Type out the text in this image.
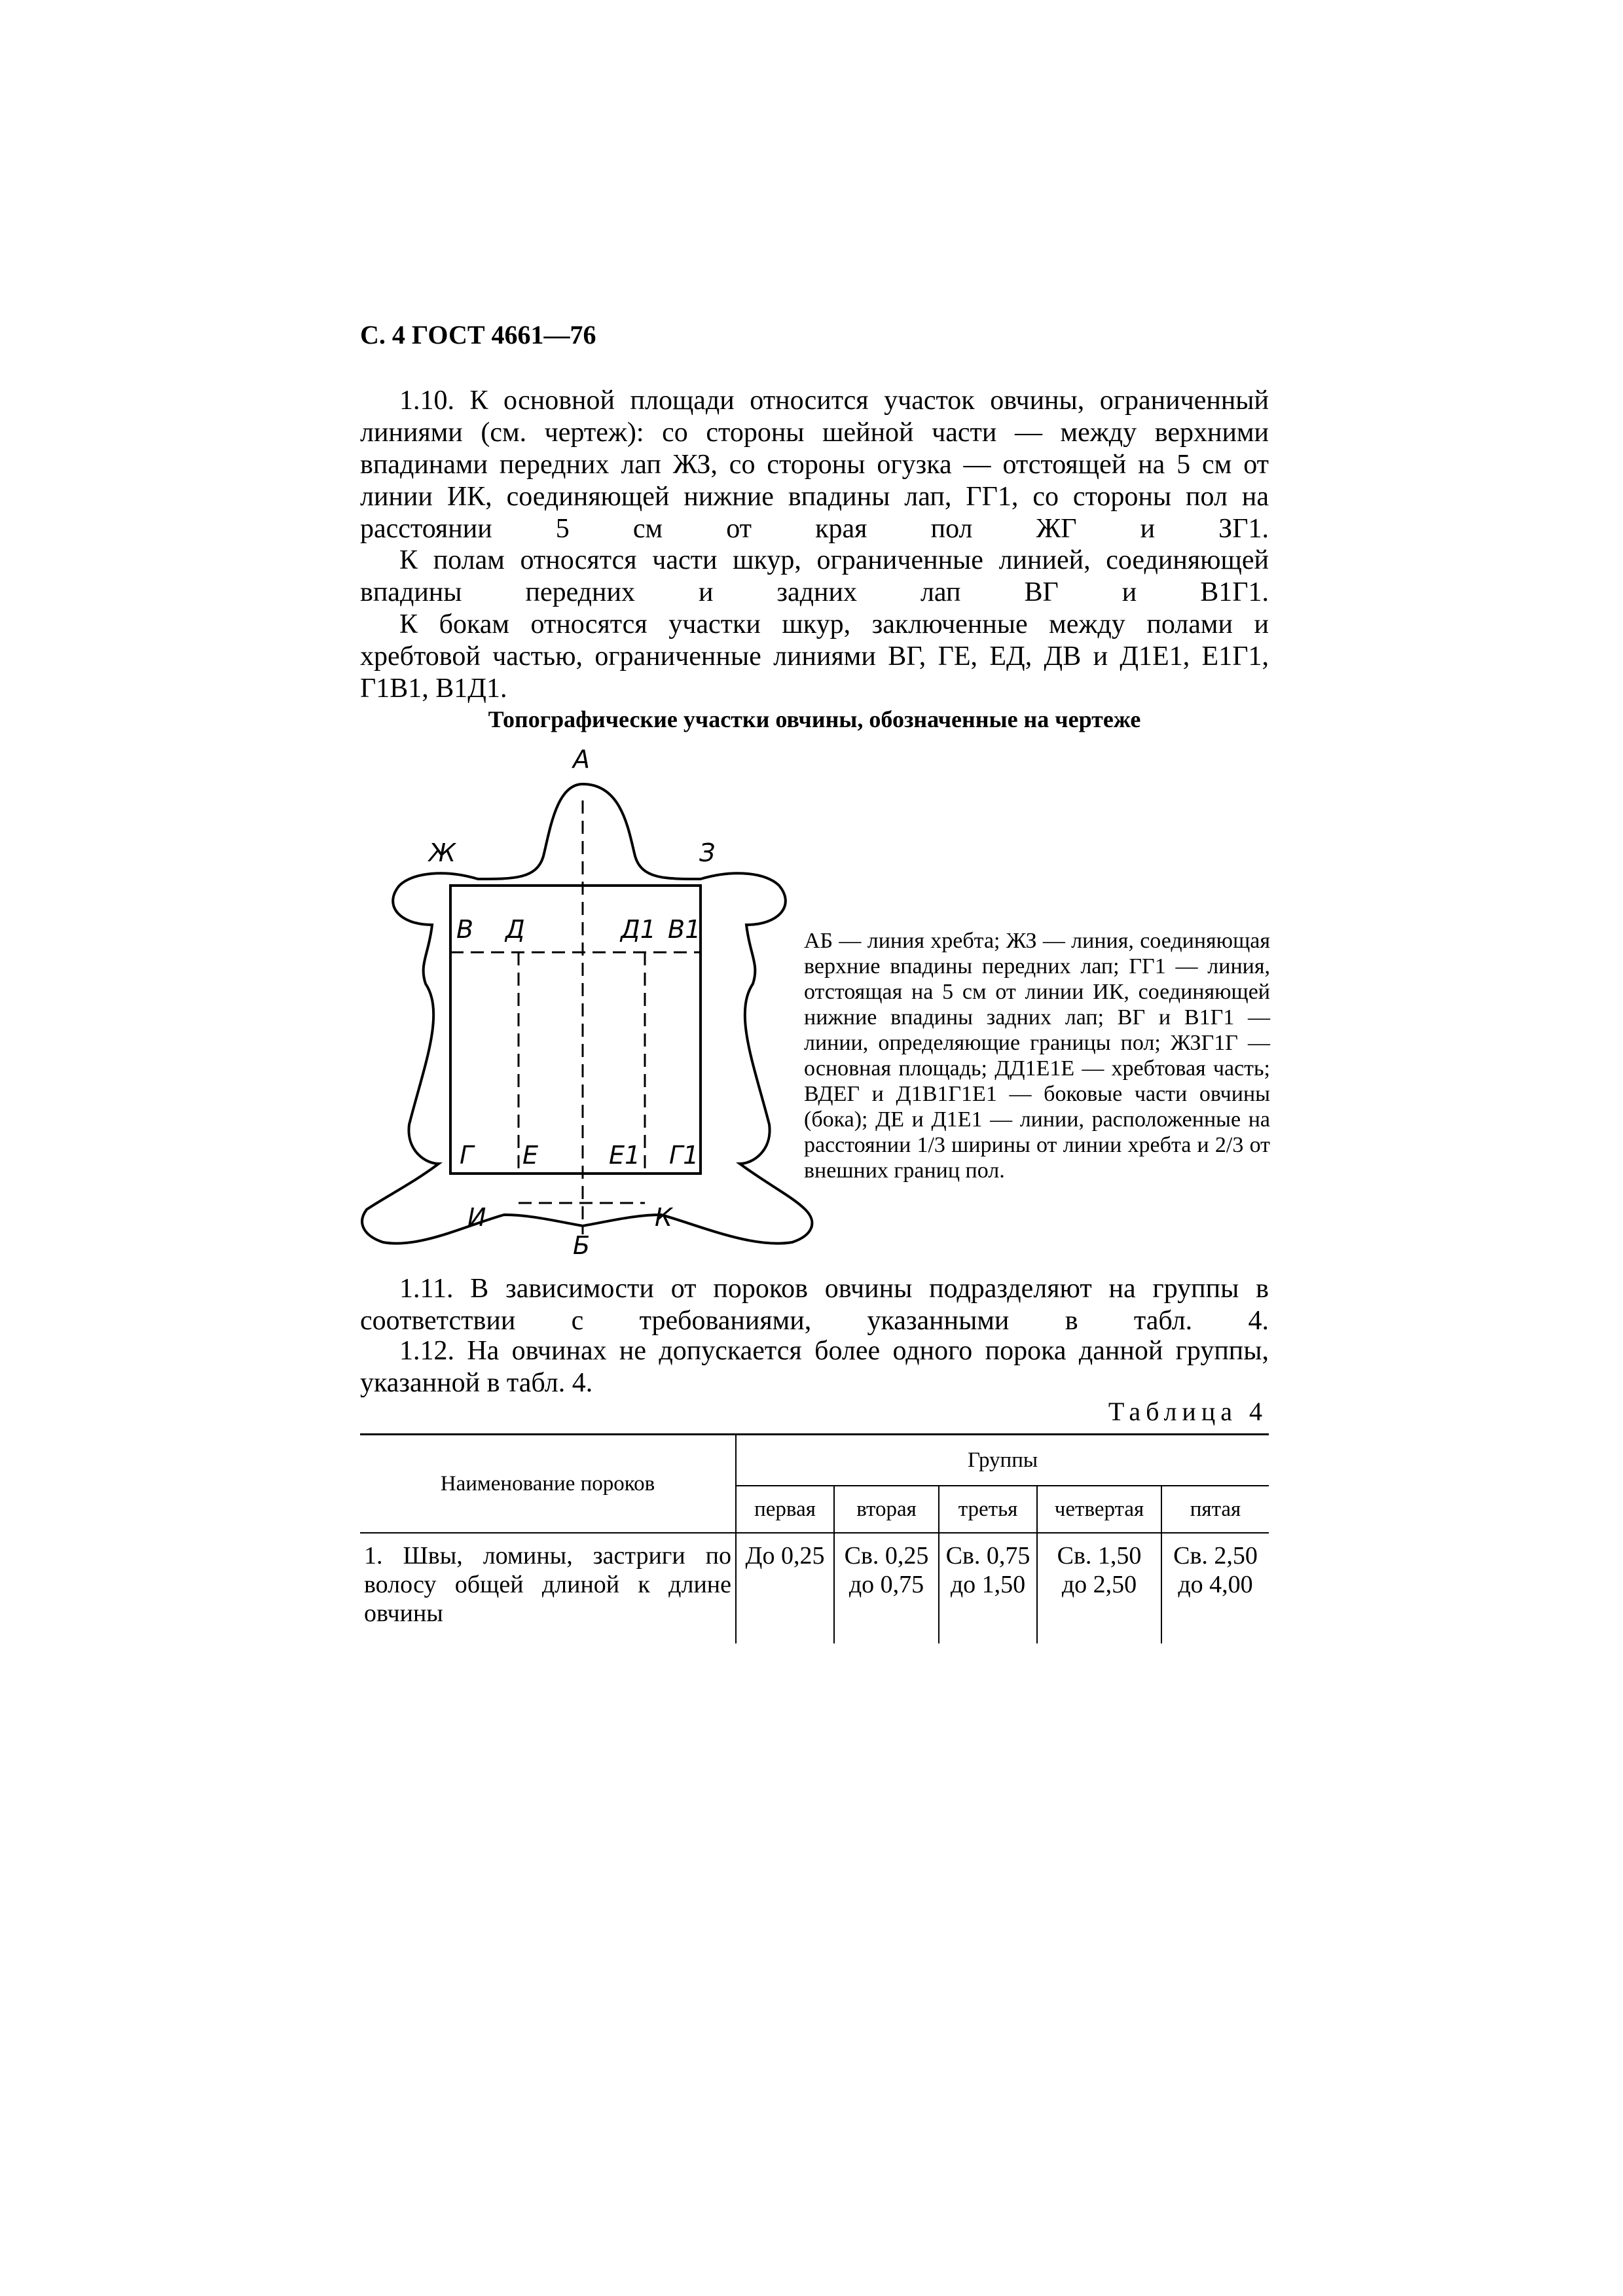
С. 4 ГОСТ 4661—76
1.10. К основной площади относится участок овчины, ограниченный линиями (см. чертеж): со стороны шейной части — между верхними впадинами передних лап ЖЗ, со стороны огузка — отстоящей на 5 см от линии ИК, соединяющей нижние впадины лап, ГГ1, со стороны пол на расстоянии 5 см от края пол ЖГ и ЗГ1.
К полам относятся части шкур, ограниченные линией, соединяющей впадины передних и задних лап ВГ и В1Г1.
К бокам относятся участки шкур, заключенные между полами и хребтовой частью, ограниченные линиями ВГ, ГЕ, ЕД, ДВ и Д1Е1, Е1Г1, Г1В1, В1Д1.
Топографические участки овчины, обозначенные на чертеже
А
Ж	З
В Д	Д1 В1
Г Е	Е1 Г1
И	К
Б
АБ — линия хребта; ЖЗ — линия, соединяющая верхние впадины передних лап; ГГ1 — линия, отстоящая на 5 см от линии ИК, соединяющей нижние впадины задних лап; ВГ и В1Г1 — линии, определяющие границы пол; ЖЗГ1Г — основная площадь; ДД1Е1Е — хребтовая часть; ВДЕГ и Д1В1Г1Е1 — боковые части овчины (бока); ДЕ и Д1Е1 — линии, расположенные на расстоянии 1/3 ширины от линии хребта и 2/3 от внешних границ пол.
1.11. В зависимости от пороков овчины подразделяют на группы в соответствии с требованиями, указанными в табл. 4.
1.12. На овчинах не допускается более одного порока данной группы, указанной в табл. 4.
Таблица 4
Наименование пороков	Группы				
	первая	вторая	третья	четвертая	пятая
1. Швы, ломины, застриги по волосу общей длиной к длине овчины	До 0,25	Св. 0,25 до 0,75	Св. 0,75 до 1,50	Св. 1,50 до 2,50	Св. 2,50 до 4,00
